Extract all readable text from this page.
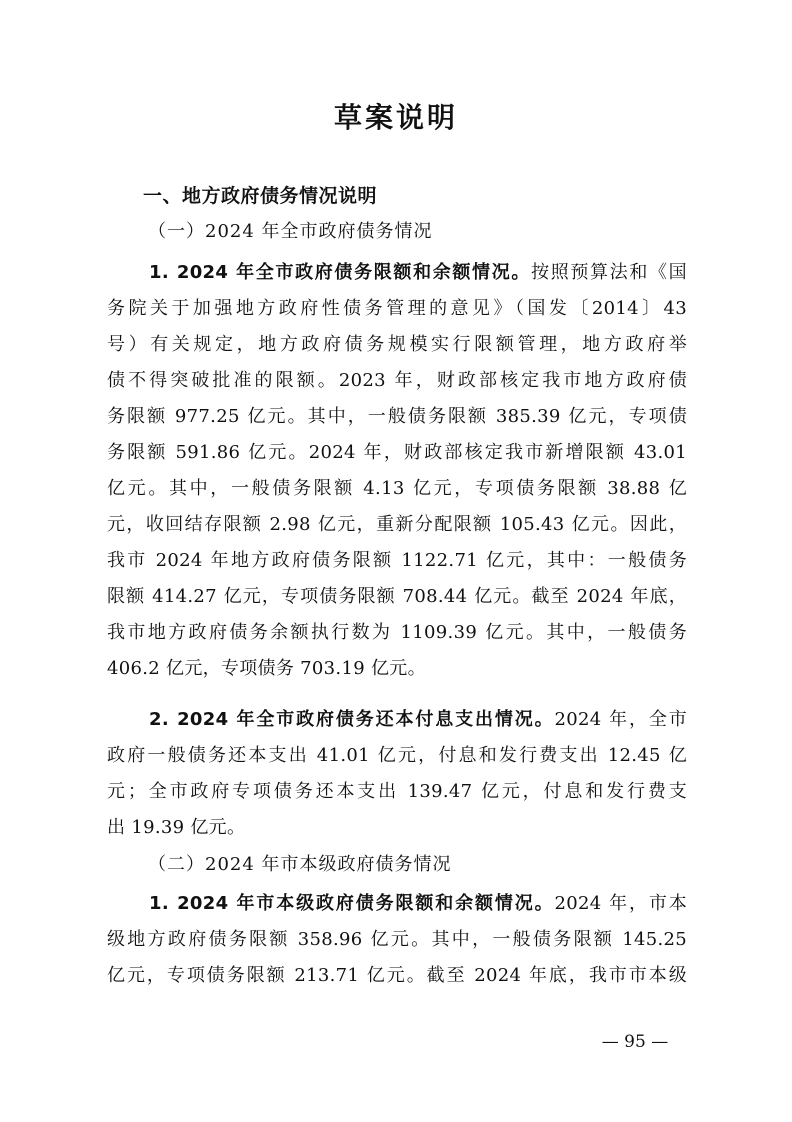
草案说明
一、地方政府债务情况说明
（一）2024 年全市政府债务情况
1. 2024 年全市政府债务限额和余额情况。按照预算法和《国
务院关于加强地方政府性债务管理的意见》（国发〔2014〕43
号）有关规定，地方政府债务规模实行限额管理，地方政府举
债不得突破批准的限额。2023 年，财政部核定我市地方政府债
务限额 977.25 亿元。其中，一般债务限额 385.39 亿元，专项债
务限额 591.86 亿元。2024 年，财政部核定我市新增限额 43.01
亿元。其中，一般债务限额 4.13 亿元，专项债务限额 38.88 亿
元，收回结存限额 2.98 亿元，重新分配限额 105.43 亿元。因此，
我市 2024 年地方政府债务限额 1122.71 亿元，其中：一般债务
限额 414.27 亿元，专项债务限额 708.44 亿元。截至 2024 年底，
我市地方政府债务余额执行数为 1109.39 亿元。其中，一般债务
406.2 亿元，专项债务 703.19 亿元。
2. 2024 年全市政府债务还本付息支出情况。2024 年，全市
政府一般债务还本支出 41.01 亿元，付息和发行费支出 12.45 亿
元；全市政府专项债务还本支出 139.47 亿元，付息和发行费支
出 19.39 亿元。
（二）2024 年市本级政府债务情况
1. 2024 年市本级政府债务限额和余额情况。2024 年，市本
级地方政府债务限额 358.96 亿元。其中，一般债务限额 145.25
亿元，专项债务限额 213.71 亿元。截至 2024 年底，我市市本级
— 95 —
